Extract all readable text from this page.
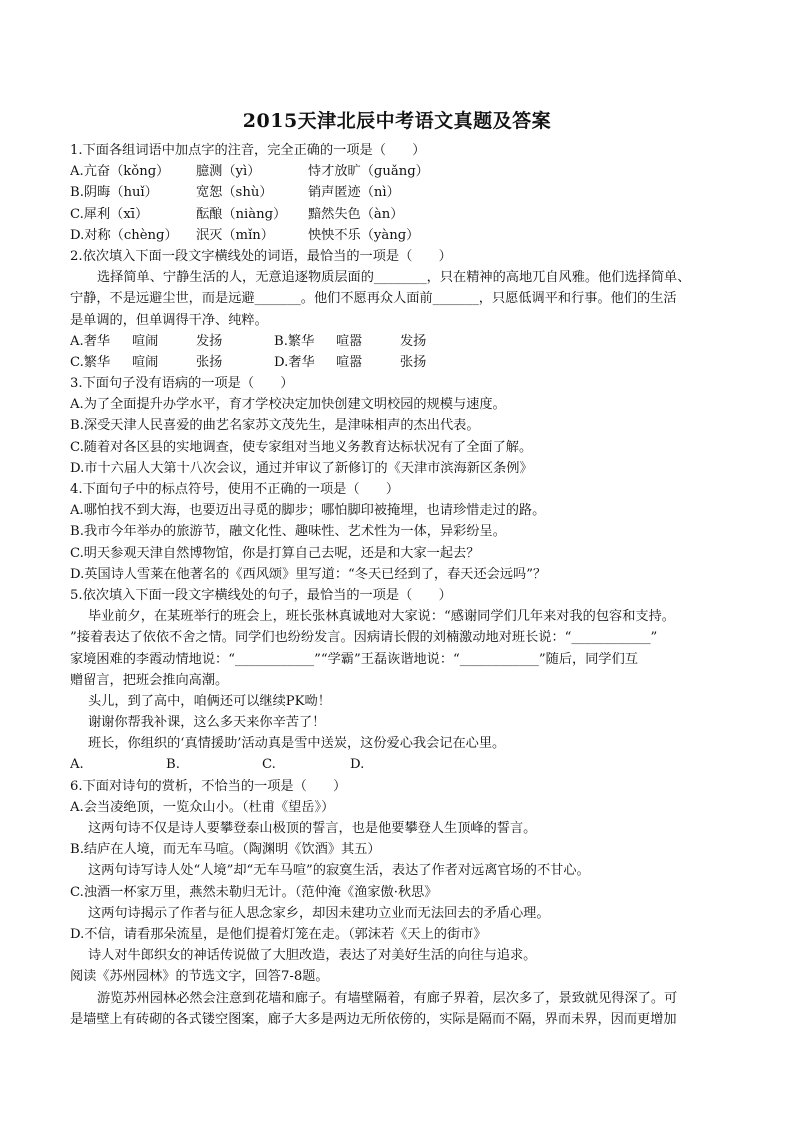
2015天津北辰中考语文真题及答案
1.下面各组词语中加点字的注音，完全正确的一项是（　　）
A.亢奋（kǒnɡ）	臆测（yì）	恃才放旷（ɡuǎnɡ）
B.阴晦（huǐ）	宽恕（shù）	销声匿迹（nì）
C.犀利（xī）	酝酿（niànɡ）	黯然失色（àn）
D.对称（chènɡ）	泯灭（mǐn）	怏怏不乐（yànɡ）
2.依次填入下面一段文字横线处的词语，最恰当的一项是（　　）
选择简单、宁静生活的人，无意追逐物质层面的________，只在精神的高地兀自风雅。他们选择简单、
宁静，不是远避尘世，而是远避_______。他们不愿再众人面前_______，只愿低调平和行事。他们的生活
是单调的，但单调得干净、纯粹。
A.奢华	喧闹	发扬	B.繁华	喧嚣	发扬
C.繁华	喧闹	张扬	D.奢华	喧嚣	张扬
3.下面句子没有语病的一项是（　　）
A.为了全面提升办学水平，育才学校决定加快创建文明校园的规模与速度。
B.深受天津人民喜爱的曲艺名家苏文茂先生，是津味相声的杰出代表。
C.随着对各区县的实地调查，使专家组对当地义务教育达标状况有了全面了解。
D.市十六届人大第十八次会议，通过并审议了新修订的《天津市滨海新区条例》
4.下面句子中的标点符号，使用不正确的一项是（　　）
A.哪怕找不到大海，也要迈出寻觅的脚步；哪怕脚印被掩埋，也请珍惜走过的路。
B.我市今年举办的旅游节，融文化性、趣味性、艺术性为一体，异彩纷呈。
C.明天参观天津自然博物馆，你是打算自己去呢，还是和大家一起去？
D.英国诗人雪莱在他著名的《西风颂》里写道：“冬天已经到了，春天还会远吗”？
5.依次填入下面一段文字横线处的句子，最恰当的一项是（　　）
毕业前夕，在某班举行的班会上，班长张林真诚地对大家说：“感谢同学们几年来对我的包容和支持。
”接着表达了依依不舍之情。同学们也纷纷发言。因病请长假的刘楠激动地对班长说：“____________”
家境困难的李霞动情地说：“____________”“学霸”王磊诙谐地说：“____________”随后，同学们互
赠留言，把班会推向高潮。
头儿，到了高中，咱俩还可以继续PK呦！
谢谢你帮我补课，这么多天来你辛苦了！
班长，你组织的‘真情援助’活动真是雪中送炭，这份爱心我会记在心里。
A.	B.	C.	D.
6.下面对诗句的赏析，不恰当的一项是（　　）
A.会当凌绝顶，一览众山小。（杜甫《望岳》）
这两句诗不仅是诗人要攀登泰山极顶的誓言，也是他要攀登人生顶峰的誓言。
B.结庐在人境，而无车马喧。（陶渊明《饮酒》其五）
这两句诗写诗人处“人境”却“无车马喧”的寂寞生活，表达了作者对远离官场的不甘心。
C.浊酒一杯家万里，燕然未勒归无计。（范仲淹《渔家傲·秋思》
这两句诗揭示了作者与征人思念家乡，却因未建功立业而无法回去的矛盾心理。
D.不信，请看那朵流星，是他们提着灯笼在走。（郭沫若《天上的街市》
诗人对牛郎织女的神话传说做了大胆改造，表达了对美好生活的向往与追求。
阅读《苏州园林》的节选文字，回答7-8题。
游览苏州园林必然会注意到花墙和廊子。有墙壁隔着，有廊子界着，层次多了，景致就见得深了。可
是墙壁上有砖砌的各式镂空图案，廊子大多是两边无所依傍的，实际是隔而不隔，界而未界，因而更增加
